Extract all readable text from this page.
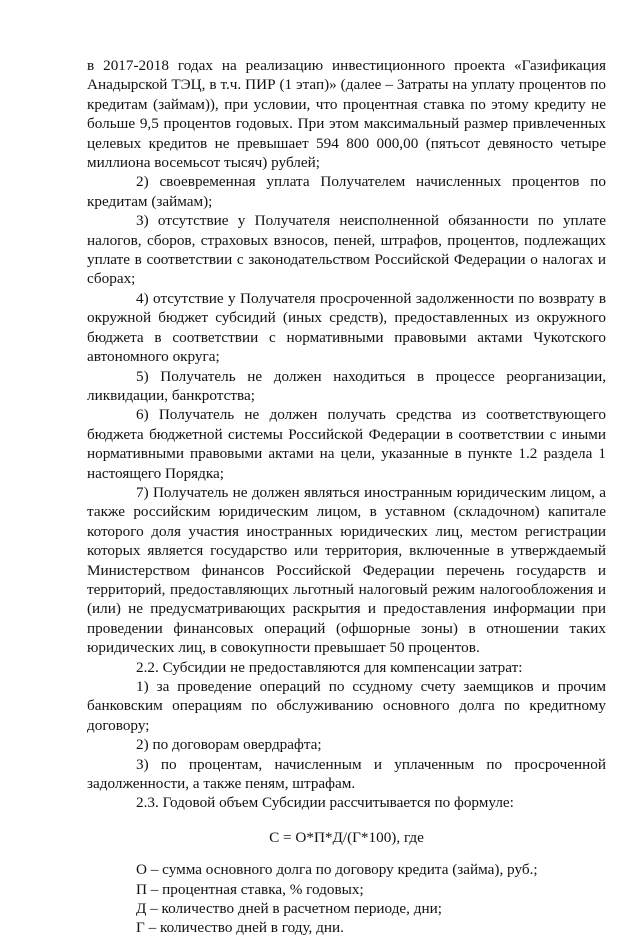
в 2017-2018 годах на реализацию инвестиционного проекта «Газификация Анадырской ТЭЦ, в т.ч. ПИР (1 этап)» (далее – Затраты на уплату процентов по кредитам (займам)), при условии, что процентная ставка по этому кредиту не больше 9,5 процентов годовых. При этом максимальный размер привлеченных целевых кредитов не превышает 594 800 000,00 (пятьсот девяносто четыре миллиона восемьсот тысяч) рублей;

2) своевременная уплата Получателем начисленных процентов по кредитам (займам);

3) отсутствие у Получателя неисполненной обязанности по уплате налогов, сборов, страховых взносов, пеней, штрафов, процентов, подлежащих уплате в соответствии с законодательством Российской Федерации о налогах и сборах;

4) отсутствие у Получателя просроченной задолженности по возврату в окружной бюджет субсидий (иных средств), предоставленных из окружного бюджета в соответствии с нормативными правовыми актами Чукотского автономного округа;

5) Получатель не должен находиться в процессе реорганизации, ликвидации, банкротства;

6) Получатель не должен получать средства из соответствующего бюджета бюджетной системы Российской Федерации в соответствии с иными нормативными правовыми актами на цели, указанные в пункте 1.2 раздела 1 настоящего Порядка;

7) Получатель не должен являться иностранным юридическим лицом, а также российским юридическим лицом, в уставном (складочном) капитале которого доля участия иностранных юридических лиц, местом регистрации которых является государство или территория, включенные в утверждаемый Министерством финансов Российской Федерации перечень государств и территорий, предоставляющих льготный налоговый режим налогообложения и (или) не предусматривающих раскрытия и предоставления информации при проведении финансовых операций (офшорные зоны) в отношении таких юридических лиц, в совокупности превышает 50 процентов.

2.2. Субсидии не предоставляются для компенсации затрат:

1) за проведение операций по ссудному счету заемщиков и прочим банковским операциям по обслуживанию основного долга по кредитному договору;

2) по договорам овердрафта;

3) по процентам, начисленным и уплаченным по просроченной задолженности, а также пеням, штрафам.

2.3. Годовой объем Субсидии рассчитывается по формуле:

С = О*П*Д/(Г*100), где

О – сумма основного долга по договору кредита (займа), руб.;

П – процентная ставка, % годовых;

Д – количество дней в расчетном периоде, дни;

Г – количество дней в году, дни.
